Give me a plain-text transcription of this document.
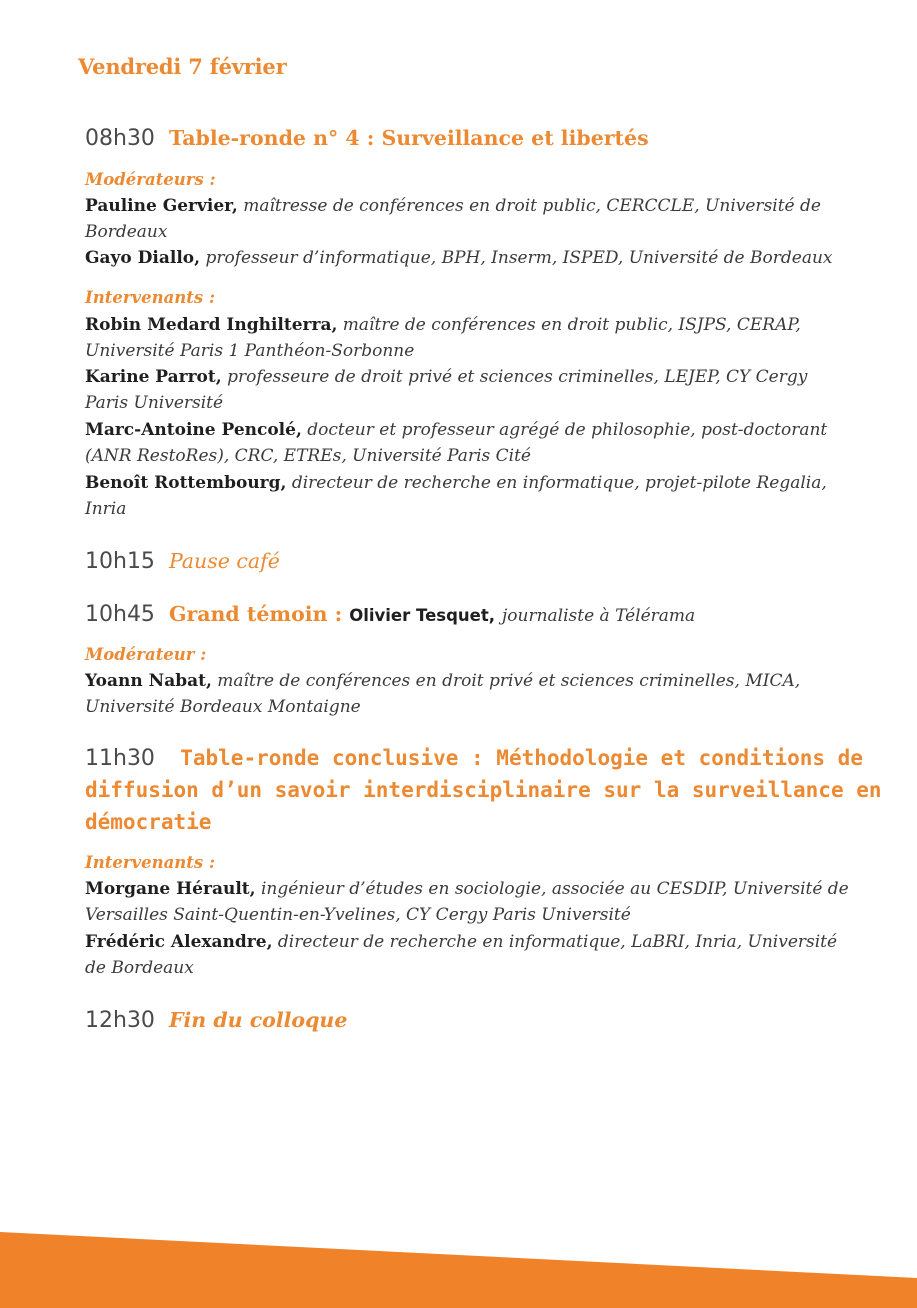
Vendredi 7 février

08h30 Table-ronde n° 4 : Surveillance et libertés

Modérateurs :

Pauline Gervier, maîtresse de conférences en droit public, CERCCLE, Université de Bordeaux

Gayo Diallo, professeur d’informatique, BPH, Inserm, ISPED, Université de Bordeaux

Intervenants :

Robin Medard Inghilterra, maître de conférences en droit public, ISJPS, CERAP, Université Paris 1 Panthéon-Sorbonne

Karine Parrot, professeure de droit privé et sciences criminelles, LEJEP, CY Cergy Paris Université

Marc-Antoine Pencolé, docteur et professeur agrégé de philosophie, post-doctorant (ANR RestoRes), CRC, ETREs, Université Paris Cité

Benoît Rottembourg, directeur de recherche en informatique, projet-pilote Regalia, Inria

10h15 Pause café

10h45 Grand témoin : Olivier Tesquet, journaliste à Télérama

Modérateur :

Yoann Nabat, maître de conférences en droit privé et sciences criminelles, MICA, Université Bordeaux Montaigne

11h30 Table-ronde conclusive : Méthodologie et conditions de
diffusion d’un savoir interdisciplinaire sur la surveillance en
démocratie

Intervenants :

Morgane Hérault, ingénieur d’études en sociologie, associée au CESDIP, Université de Versailles Saint-Quentin-en-Yvelines, CY Cergy Paris Université

Frédéric Alexandre, directeur de recherche en informatique, LaBRI, Inria, Université de Bordeaux

12h30 Fin du colloque
